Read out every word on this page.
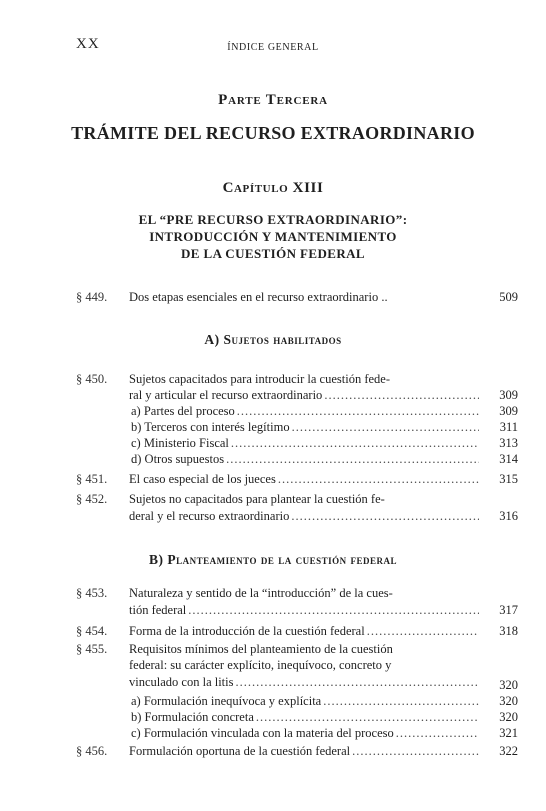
XX	ÍNDICE GENERAL
Parte Tercera
TRÁMITE DEL RECURSO EXTRAORDINARIO
Capítulo XIII
EL “PRE RECURSO EXTRAORDINARIO”:
INTRODUCCIÓN Y MANTENIMIENTO
DE LA CUESTIÓN FEDERAL
§ 449. Dos etapas esenciales en el recurso extraordinario ..	509
A) Sujetos habilitados
§ 450. Sujetos capacitados para introducir la cuestión fede-
ral y articular el recurso extraordinario .....	309
a) Partes del proceso .....	309
b) Terceros con interés legítimo .....	311
c) Ministerio Fiscal .....	313
d) Otros supuestos .....	314
§ 451. El caso especial de los jueces .....	315
§ 452. Sujetos no capacitados para plantear la cuestión fe-
deral y el recurso extraordinario .....	316
B) Planteamiento de la cuestión federal
§ 453. Naturaleza y sentido de la “introducción” de la cues-
tión federal .....	317
§ 454. Forma de la introducción de la cuestión federal .....	318
§ 455. Requisitos mínimos del planteamiento de la cuestión
federal: su carácter explícito, inequívoco, concreto y
vinculado con la litis .....	320
a) Formulación inequívoca y explícita .....	320
b) Formulación concreta .....	320
c) Formulación vinculada con la materia del proceso .....	321
§ 456. Formulación oportuna de la cuestión federal .....	322
